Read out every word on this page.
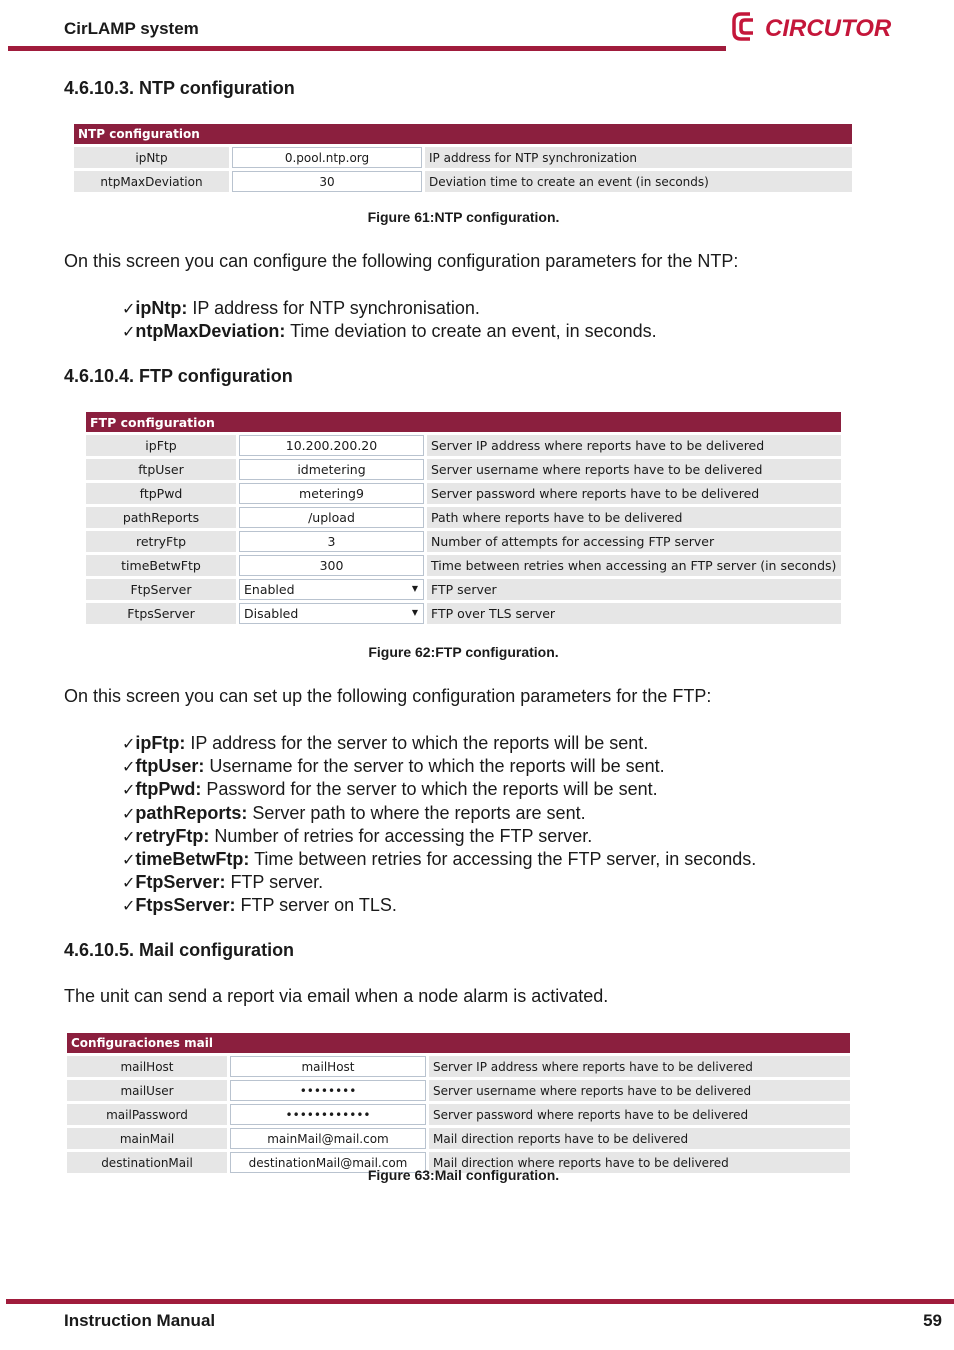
CirLAMP system	CIRCUTOR
4.6.10.3. NTP configuration
NTP configuration		
ipNtp	0.pool.ntp.org	IP address for NTP synchronization
ntpMaxDeviation	30	Deviation time to create an event (in seconds)
Figure 61:NTP configuration.
On this screen you can configure the following configuration parameters for the NTP:
✓ipNtp: IP address for NTP synchronisation.
✓ntpMaxDeviation: Time deviation to create an event, in seconds.
4.6.10.4. FTP configuration
FTP configuration		
ipFtp	10.200.200.20	Server IP address where reports have to be delivered
ftpUser	idmetering	Server username where reports have to be delivered
ftpPwd	metering9	Server password where reports have to be delivered
pathReports	/upload	Path where reports have to be delivered
retryFtp	3	Number of attempts for accessing FTP server
timeBetwFtp	300	Time between retries when accessing an FTP server (in seconds)
FtpServer	Enabled ▼	FTP server
FtpsServer	Disabled ▼	FTP over TLS server
Figure 62:FTP configuration.
On this screen you can set up the following configuration parameters for the FTP:
✓ipFtp: IP address for the server to which the reports will be sent.
✓ftpUser: Username for the server to which the reports will be sent.
✓ftpPwd: Password for the server to which the reports will be sent.
✓pathReports: Server path to where the reports are sent.
✓retryFtp: Number of retries for accessing the FTP server.
✓timeBetwFtp: Time between retries for accessing the FTP server, in seconds.
✓FtpServer: FTP server.
✓FtpsServer: FTP server on TLS.
4.6.10.5. Mail configuration
The unit can send a report via email when a node alarm is activated.
Configuraciones mail		
mailHost	mailHost	Server IP address where reports have to be delivered
mailUser	••••••••	Server username where reports have to be delivered
mailPassword	••••••••••••	Server password where reports have to be delivered
mainMail	mainMail@mail.com	Mail direction reports have to be delivered
destinationMail	destinationMail@mail.com	Mail direction where reports have to be delivered
Figure 63:Mail configuration.
Instruction Manual	59
